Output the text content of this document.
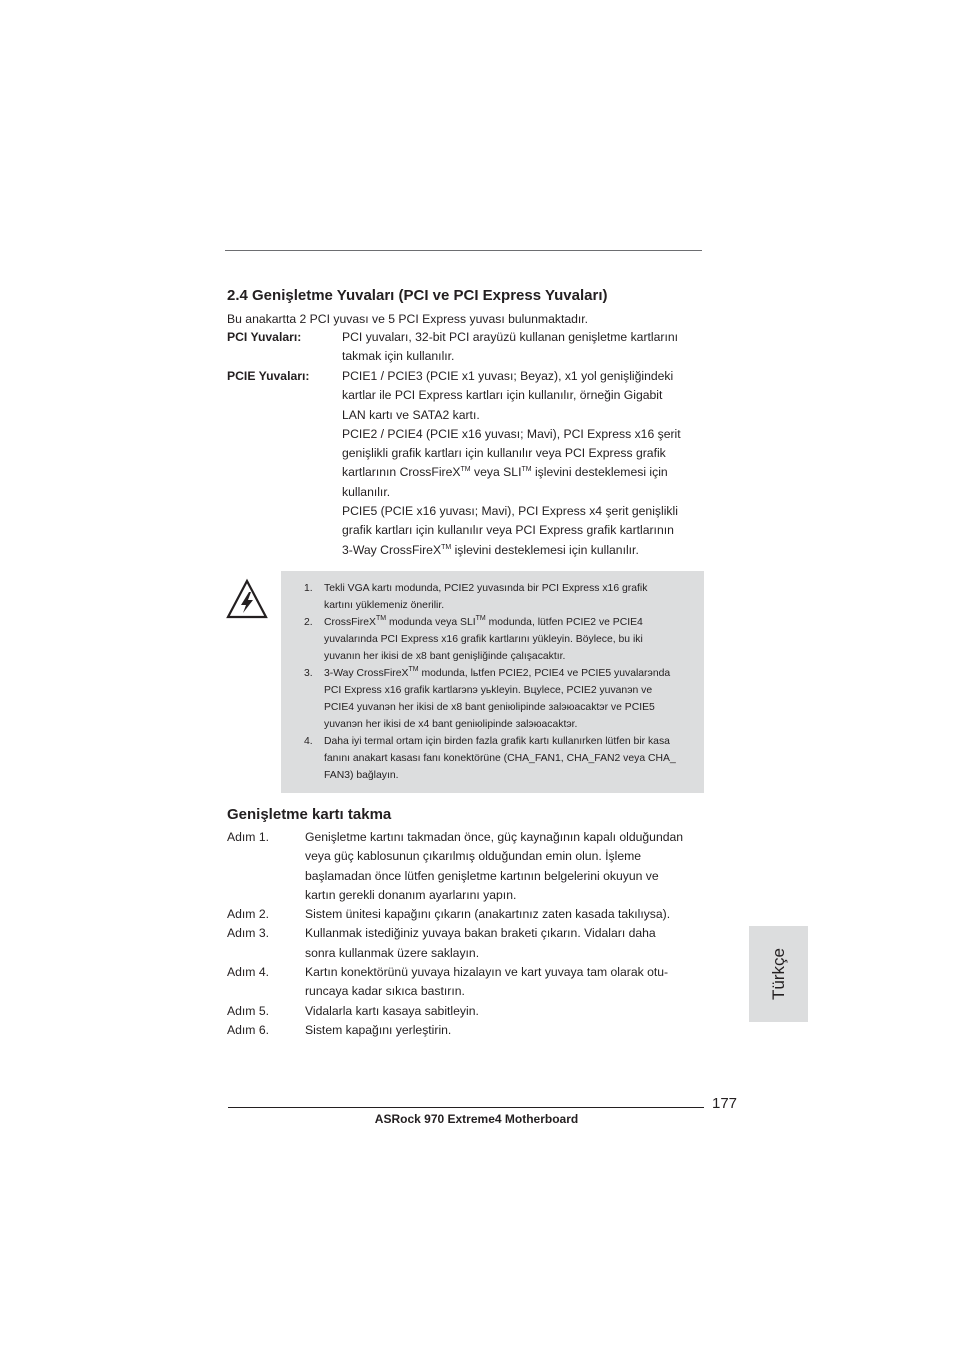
2.4 Genişletme Yuvaları (PCI ve PCI Express Yuvaları)
Bu anakartta 2 PCI yuvası ve 5 PCI Express yuvası bulunmaktadır.
PCI Yuvaları:	PCI yuvaları, 32-bit PCI arayüzü kullanan genişletme kartlarını

takmak için kullanılır.

PCIE Yuvaları:	PCIE1 / PCIE3 (PCIE x1 yuvası; Beyaz), x1 yol genişliğindeki

kartlar ile PCI Express kartları için kullanılır, örneğin Gigabit

LAN kartı ve SATA2 kartı.

PCIE2 / PCIE4 (PCIE x16 yuvası; Mavi), PCI Express x16 şerit

genişlikli grafik kartları için kullanılır veya PCI Express grafik

kartlarının CrossFireX™ veya SLI™ işlevini desteklemesi için

kullanılır.

PCIE5 (PCIE x16 yuvası; Mavi), PCI Express x4 şerit genişlikli

grafik kartları için kullanılır veya PCI Express grafik kartlarının

3-Way CrossFireX™ işlevini desteklemesi için kullanılır.

1. Tekli VGA kartı modunda, PCIE2 yuvasında bir PCI Express x16 grafik
kartını yüklemeniz önerilir.
2. CrossFireX™ modunda veya SLI™ modunda, lütfen PCIE2 ve PCIE4
yuvalarında PCI Express x16 grafik kartlarını yükleyin. Böylece, bu iki
yuvanın her ikisi de x8 bant genişliğinde çalışacaktır.
3. 3-Way CrossFireX™ modunda, lьtfen PCIE2, PCIE4 ve PCIE5 yuvalarэnda
PCI Express x16 grafik kartlarэnэ yьkleyin. Bцylece, PCIE2 yuvanэn ve
PCIE4 yuvanэn her ikisi de x8 bant geniюliрinde зalэюacaktэr ve PCIE5
yuvanэn her ikisi de x4 bant geniюliрinde зalэюacaktэr.
4. Daha iyi termal ortam için birden fazla grafik kartı kullanırken lütfen bir kasa
fanını anakart kasası fanı konektörüne (CHA_FAN1, CHA_FAN2 veya CHA_
FAN3) bağlayın.
Genişletme kartı takma
Adım 1.	Genişletme kartını takmadan önce, güç kaynağının kapalı olduğundan
veya güç kablosunun çıkarılmış olduğundan emin olun. İşleme
başlamadan önce lütfen genişletme kartının belgelerini okuyun ve
kartın gerekli donanım ayarlarını yapın.
Adım 2.	Sistem ünitesi kapağını çıkarın (anakartınız zaten kasada takılıysa).
Adım 3.	Kullanmak istediğiniz yuvaya bakan braketi çıkarın. Vidaları daha
sonra kullanmak üzere saklayın.
Adım 4.	Kartın konektörünü yuvaya hizalayın ve kart yuvaya tam olarak otu-
runcaya kadar sıkıca bastırın.
Adım 5.	Vidalarla kartı kasaya sabitleyin.
Adım 6.	Sistem kapağını yerleştirin.
Türkçe
177
ASRock 970 Extreme4 Motherboard
